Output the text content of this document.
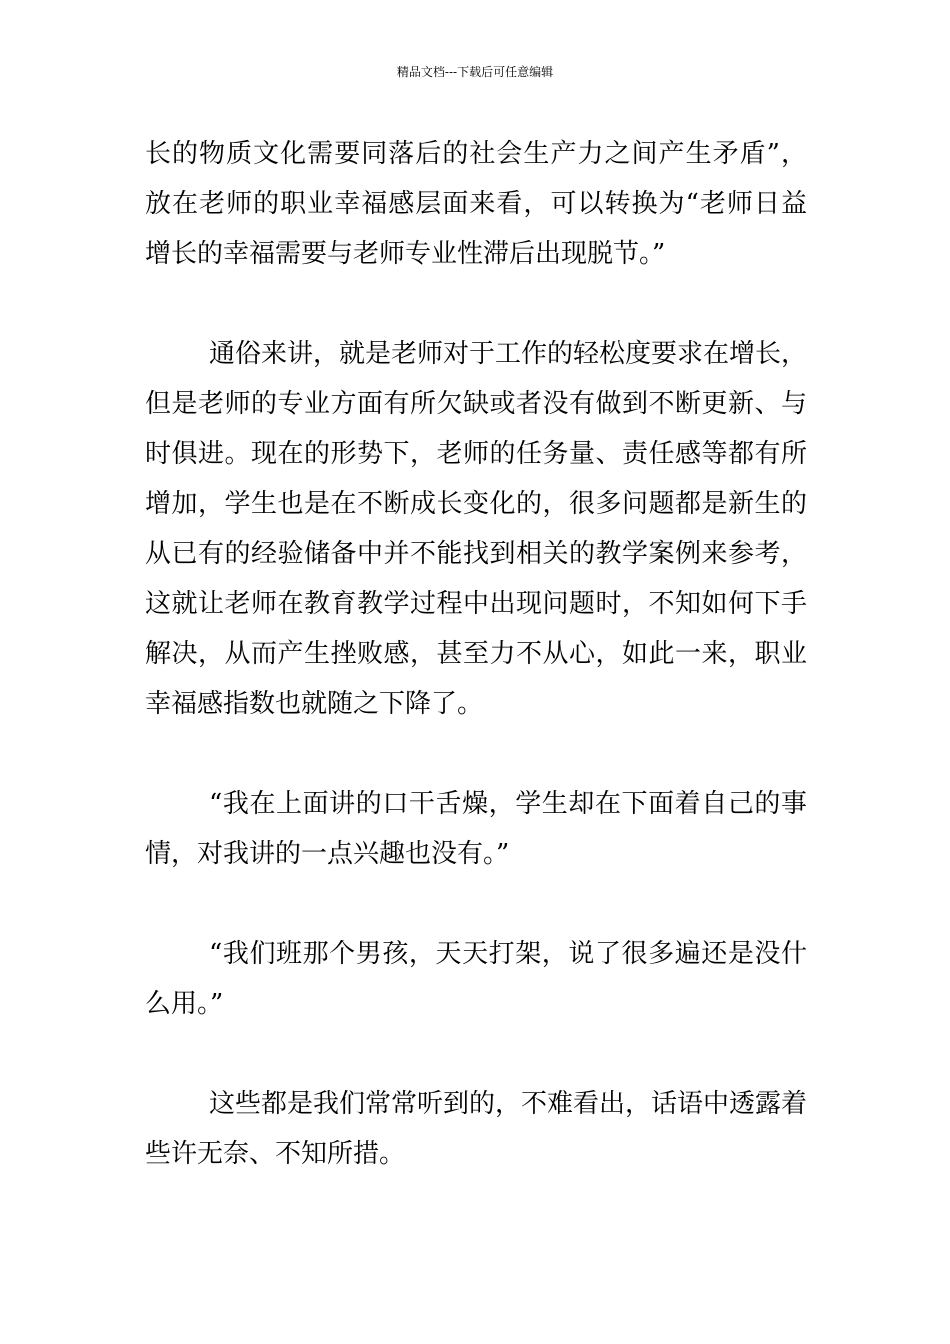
精品文档---下载后可任意编辑
长的物质文化需要同落后的社会生产力之间产生矛盾”，
放在老师的职业幸福感层面来看，可以转换为“老师日益
增长的幸福需要与老师专业性滞后出现脱节。”
通俗来讲，就是老师对于工作的轻松度要求在增长，
但是老师的专业方面有所欠缺或者没有做到不断更新、与
时俱进。现在的形势下，老师的任务量、责任感等都有所
增加，学生也是在不断成长变化的，很多问题都是新生的
从已有的经验储备中并不能找到相关的教学案例来参考，
这就让老师在教育教学过程中出现问题时，不知如何下手
解决，从而产生挫败感，甚至力不从心，如此一来，职业
幸福感指数也就随之下降了。
“我在上面讲的口干舌燥，学生却在下面着自己的事
情，对我讲的一点兴趣也没有。”
“我们班那个男孩，天天打架，说了很多遍还是没什
么用。”
这些都是我们常常听到的，不难看出，话语中透露着
些许无奈、不知所措。
